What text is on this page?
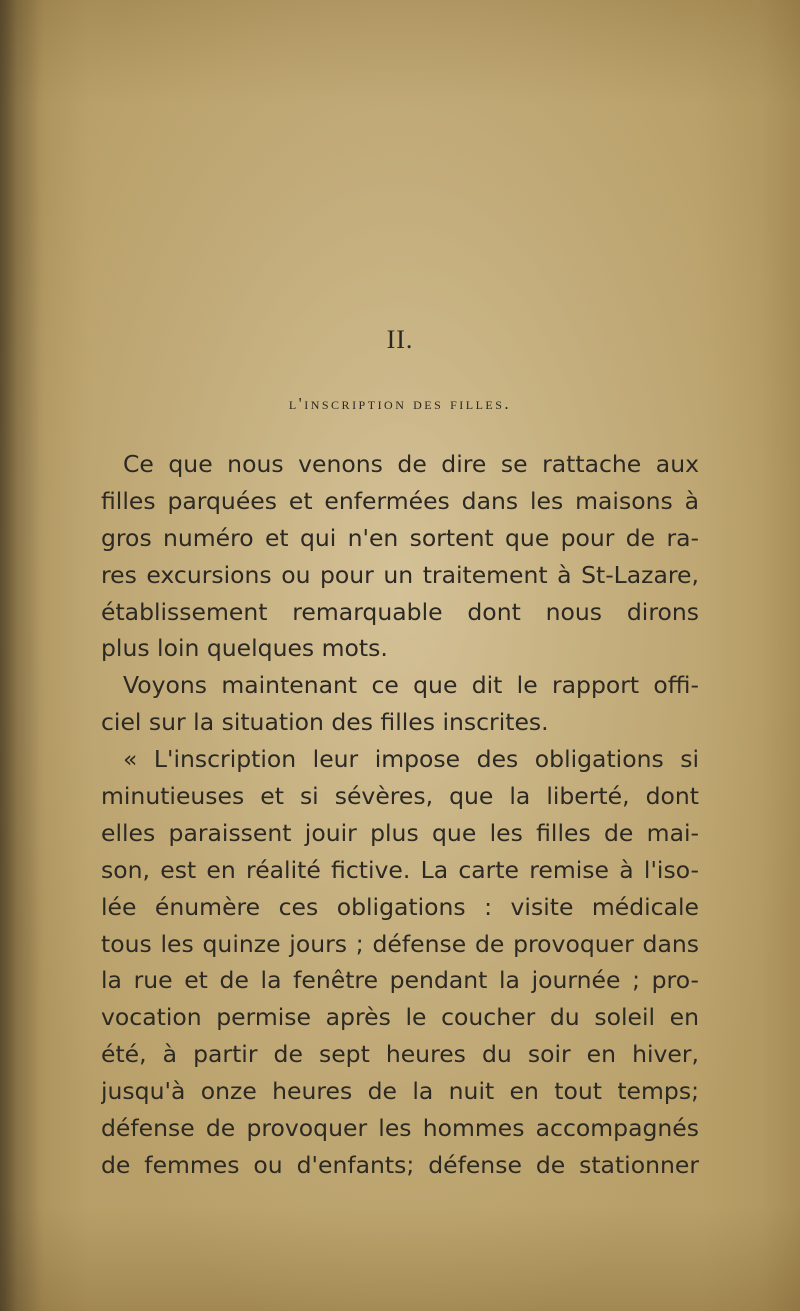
II.
l'inscription des filles.
Ce que nous venons de dire se rattache aux
filles parquées et enfermées dans les maisons à
gros numéro et qui n'en sortent que pour de ra-
res excursions ou pour un traitement à St-Lazare,
établissement remarquable dont nous dirons
plus loin quelques mots.
Voyons maintenant ce que dit le rapport offi-
ciel sur la situation des filles inscrites.
« L'inscription leur impose des obligations si
minutieuses et si sévères, que la liberté, dont
elles paraissent jouir plus que les filles de mai-
son, est en réalité fictive. La carte remise à l'iso-
lée énumère ces obligations : visite médicale
tous les quinze jours ; défense de provoquer dans
la rue et de la fenêtre pendant la journée ; pro-
vocation permise après le coucher du soleil en
été, à partir de sept heures du soir en hiver,
jusqu'à onze heures de la nuit en tout temps;
défense de provoquer les hommes accompagnés
de femmes ou d'enfants; défense de stationner
